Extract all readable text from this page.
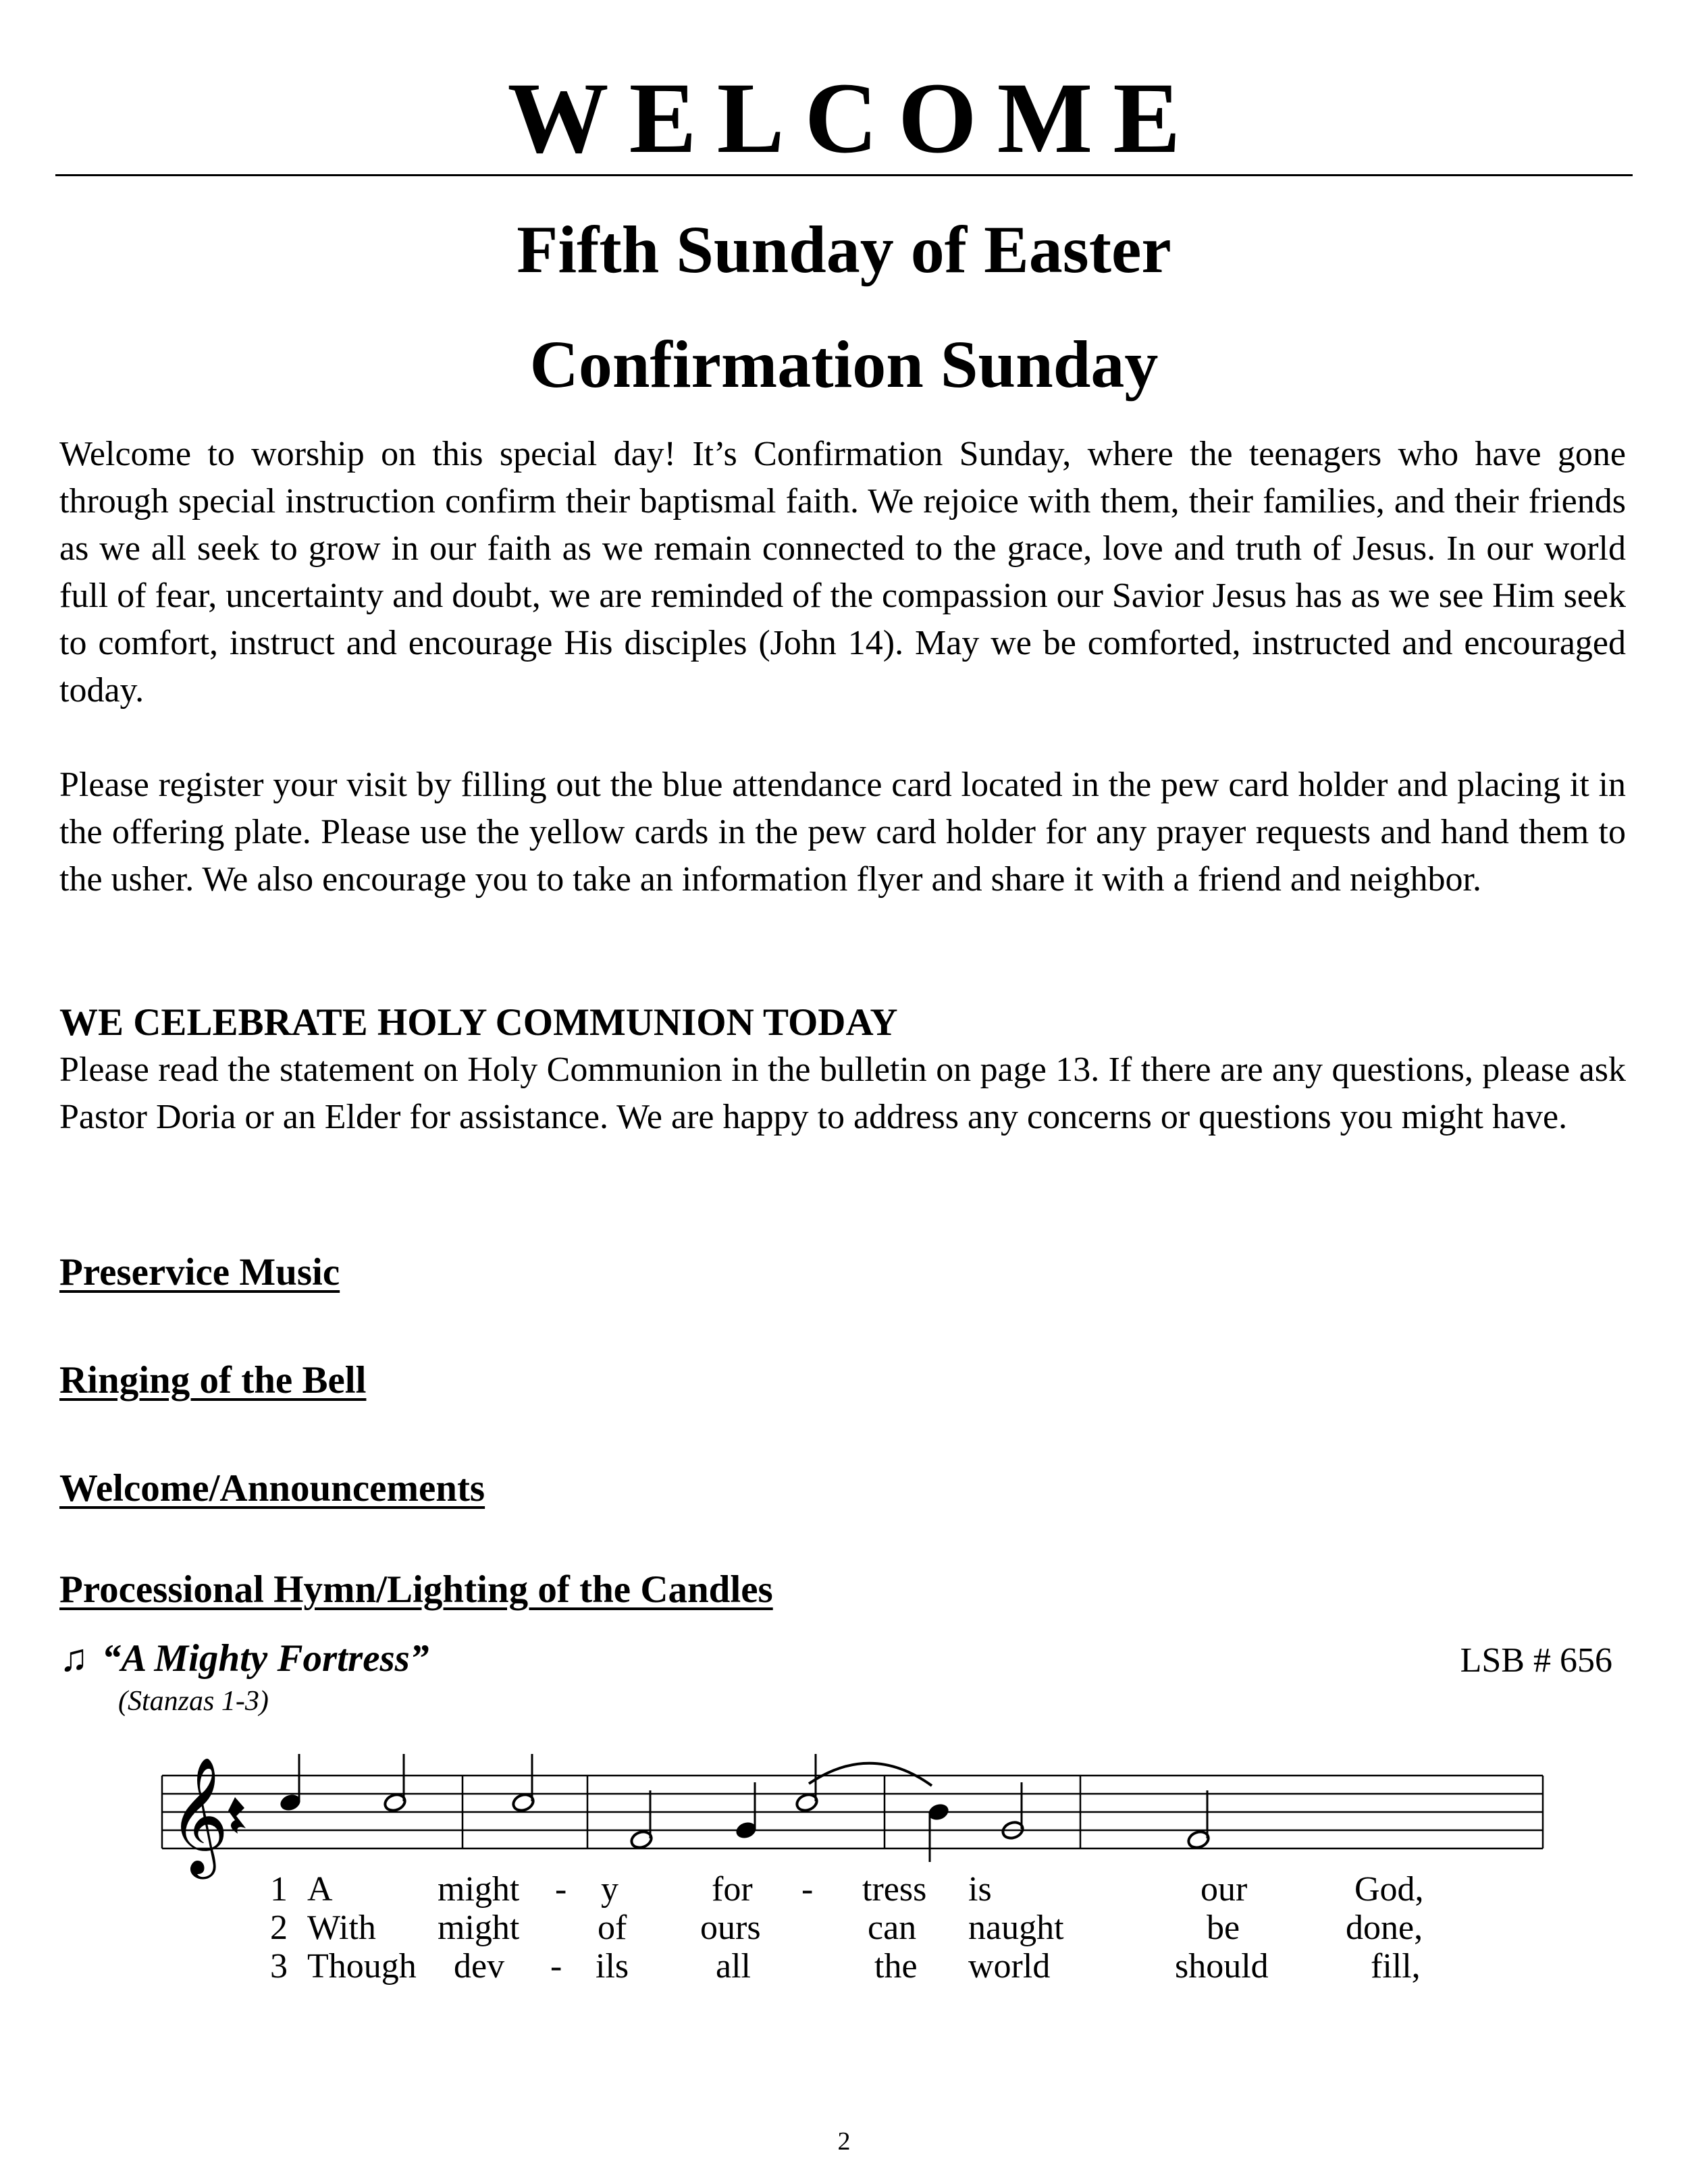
WELCOME
Fifth Sunday of Easter
Confirmation Sunday

Welcome to worship on this special day! It’s Confirmation Sunday, where the teenagers who have gone through special instruction confirm their baptismal faith. We rejoice with them, their families, and their friends as we all seek to grow in our faith as we remain connected to the grace, love and truth of Jesus. In our world full of fear, uncertainty and doubt, we are reminded of the compassion our Savior Jesus has as we see Him seek to comfort, instruct and encourage His disciples (John 14). May we be comforted, instructed and encouraged today.

Please register your visit by filling out the blue attendance card located in the pew card holder and placing it in the offering plate. Please use the yellow cards in the pew card holder for any prayer requests and hand them to the usher. We also encourage you to take an information flyer and share it with a friend and neighbor.

WE CELEBRATE HOLY COMMUNION TODAY

Please read the statement on Holy Communion in the bulletin on page 13. If there are any questions, please ask Pastor Doria or an Elder for assistance. We are happy to address any concerns or questions you might have.

Preservice Music
Ringing of the Bell
Welcome/Announcements
Processional Hymn/Lighting of the Candles
♫ “A Mighty Fortress”	LSB # 656
(Stanzas 1-3)
𝄞
1 A	might - y	for - tress is	our	God,
2 With might of ours	can naught	be	done,
3 Though dev - ils all	the world	should	fill,
2
